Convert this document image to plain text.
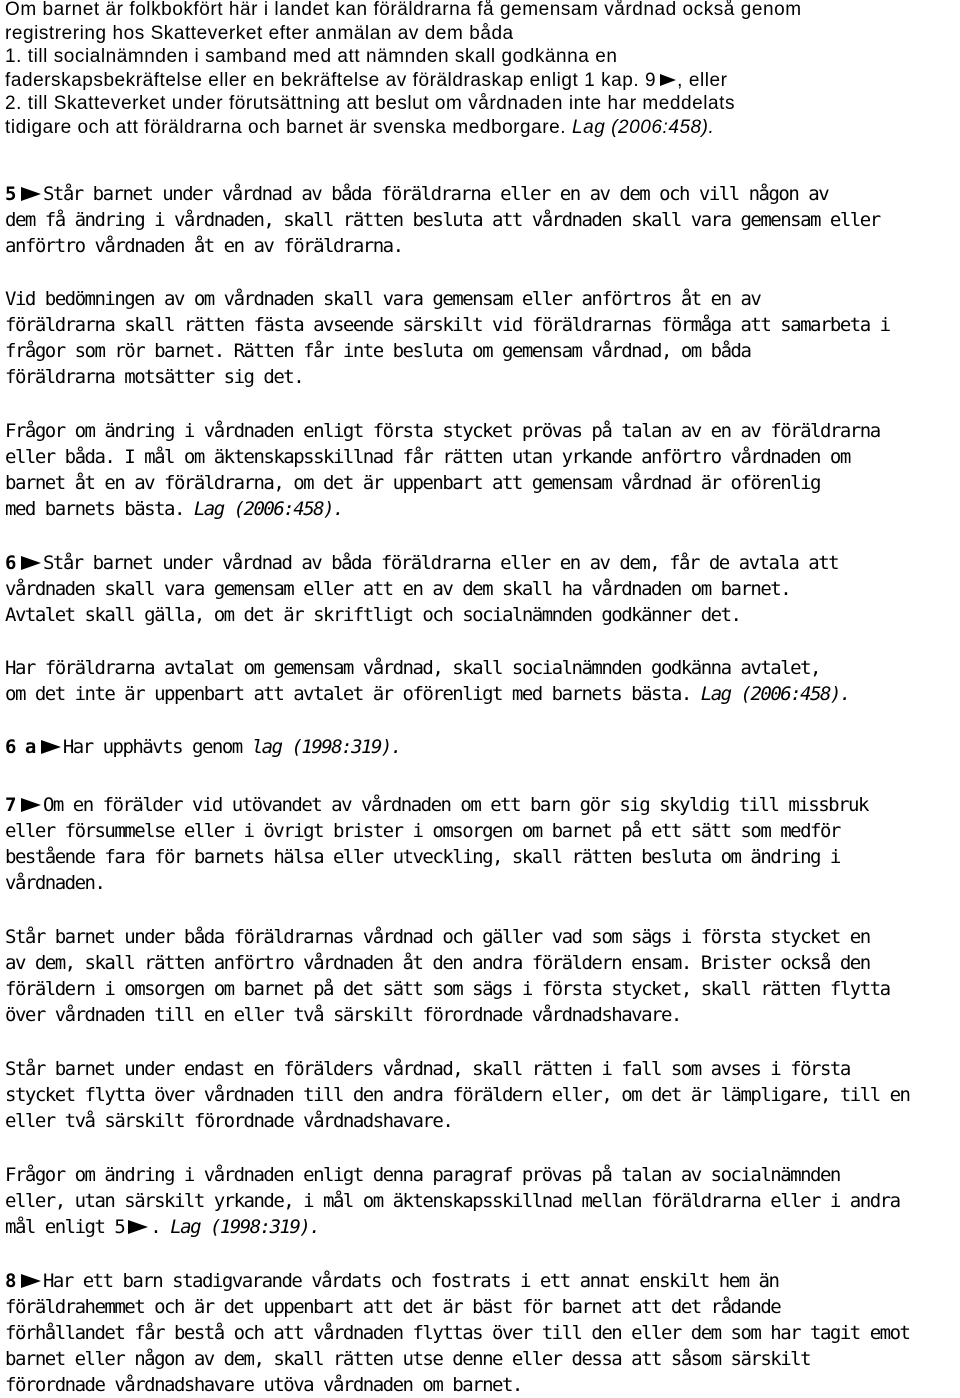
Om barnet är folkbokfört här i landet kan föräldrarna få gemensam vårdnad också genom
registrering hos Skatteverket efter anmälan av dem båda
1. till socialnämnden i samband med att nämnden skall godkänna en
faderskapsbekräftelse eller en bekräftelse av föräldraskap enligt 1 kap. 9 , eller
2. till Skatteverket under förutsättning att beslut om vårdnaden inte har meddelats
tidigare och att föräldrarna och barnet är svenska medborgare. Lag (2006:458).
5 Står barnet under vårdnad av båda föräldrarna eller en av dem och vill någon av
dem få ändring i vårdnaden, skall rätten besluta att vårdnaden skall vara gemensam eller
anförtro vårdnaden åt en av föräldrarna.
Vid bedömningen av om vårdnaden skall vara gemensam eller anförtros åt en av
föräldrarna skall rätten fästa avseende särskilt vid föräldrarnas förmåga att samarbeta i
frågor som rör barnet. Rätten får inte besluta om gemensam vårdnad, om båda
föräldrarna motsätter sig det.
Frågor om ändring i vårdnaden enligt första stycket prövas på talan av en av föräldrarna
eller båda. I mål om äktenskapsskillnad får rätten utan yrkande anförtro vårdnaden om
barnet åt en av föräldrarna, om det är uppenbart att gemensam vårdnad är oförenlig
med barnets bästa. Lag (2006:458).
6 Står barnet under vårdnad av båda föräldrarna eller en av dem, får de avtala att
vårdnaden skall vara gemensam eller att en av dem skall ha vårdnaden om barnet.
Avtalet skall gälla, om det är skriftligt och socialnämnden godkänner det.
Har föräldrarna avtalat om gemensam vårdnad, skall socialnämnden godkänna avtalet,
om det inte är uppenbart att avtalet är oförenligt med barnets bästa. Lag (2006:458).
6 a Har upphävts genom lag (1998:319).
7 Om en förälder vid utövandet av vårdnaden om ett barn gör sig skyldig till missbruk
eller försummelse eller i övrigt brister i omsorgen om barnet på ett sätt som medför
bestående fara för barnets hälsa eller utveckling, skall rätten besluta om ändring i
vårdnaden.
Står barnet under båda föräldrarnas vårdnad och gäller vad som sägs i första stycket en
av dem, skall rätten anförtro vårdnaden åt den andra föräldern ensam. Brister också den
föräldern i omsorgen om barnet på det sätt som sägs i första stycket, skall rätten flytta
över vårdnaden till en eller två särskilt förordnade vårdnadshavare.
Står barnet under endast en förälders vårdnad, skall rätten i fall som avses i första
stycket flytta över vårdnaden till den andra föräldern eller, om det är lämpligare, till en
eller två särskilt förordnade vårdnadshavare.
Frågor om ändring i vårdnaden enligt denna paragraf prövas på talan av socialnämnden
eller, utan särskilt yrkande, i mål om äktenskapsskillnad mellan föräldrarna eller i andra
mål enligt 5 . Lag (1998:319).
8 Har ett barn stadigvarande vårdats och fostrats i ett annat enskilt hem än
föräldrahemmet och är det uppenbart att det är bäst för barnet att det rådande
förhållandet får bestå och att vårdnaden flyttas över till den eller dem som har tagit emot
barnet eller någon av dem, skall rätten utse denne eller dessa att såsom särskilt
förordnade vårdnadshavare utöva vårdnaden om barnet.
